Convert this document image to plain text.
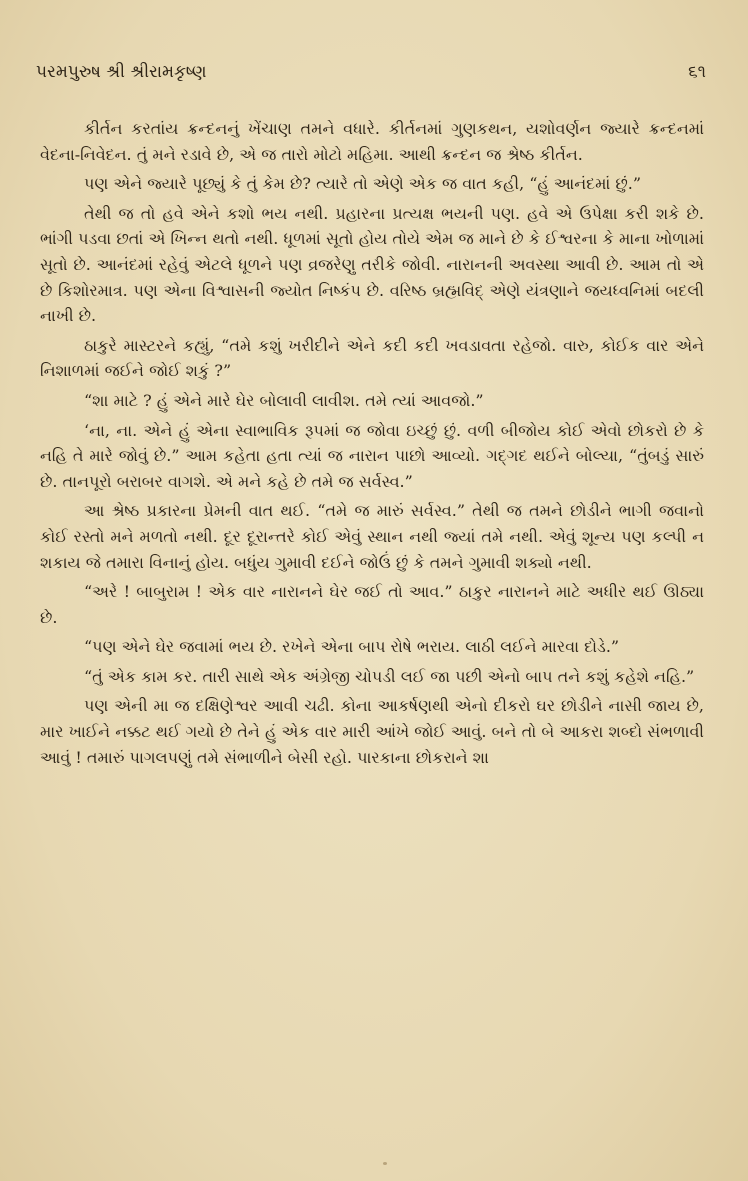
પરમપુરુષ શ્રી શ્રીરામકૃષ્ણ	૬૧

કીર્તન કરતાંય ક્રન્દનનું ખેંચાણ તમને વધારે. કીર્તનમાં ગુણકથન, યશોવર્ણન જ્યારે ક્રન્દનમાં વેદના-નિવેદન. તું મને રડાવે છે, એ જ તારો મોટો મહિમા. આથી ક્રન્દન જ શ્રેષ્ઠ કીર્તન.

પણ એને જ્યારે પૂછ્યું કે તું કેમ છે? ત્યારે તો એણે એક જ વાત કહી, “હું આનંદમાં છું.”

તેથી જ તો હવે એને કશો ભય નથી. પ્રહારના પ્રત્યક્ષ ભયની પણ. હવે એ ઉપેક્ષા કરી શકે છે. ભાંગી પડવા છતાં એ ખિન્ન થતો નથી. ધૂળમાં સૂતો હોય તોયે એમ જ માને છે કે ઈશ્વરના કે માના ખોળામાં સૂતો છે. આનંદમાં રહેવું એટલે ધૂળને પણ વ્રજરેણુ તરીકે જોવી. નારાનની અવસ્થા આવી છે. આમ તો એ છે કિશોરમાત્ર. પણ એના વિશ્વાસની જ્યોત નિષ્કંપ છે. વરિષ્ઠ બ્રહ્મવિદ્ એણે યંત્રણાને જયધ્વનિમાં બદલી નાખી છે.

ઠાકુરે માસ્ટરને કહ્યું, “તમે કશું ખરીદીને એને કદી કદી ખવડાવતા રહેજો. વારુ, કોઈક વાર એને નિશાળમાં જઈને જોઈ શકું ?”

“શા માટે ? હું એને મારે ઘેર બોલાવી લાવીશ. તમે ત્યાં આવજો.”

‘ના, ના. એને હું એના સ્વાભાવિક રૂપમાં જ જોવા ઇચ્છું છું. વળી બીજોય કોઈ એવો છોકરો છે કે નહિ તે મારે જોવું છે.” આમ કહેતા હતા ત્યાં જ નારાન પાછો આવ્યો. ગદ્‌ગદ થઈને બોલ્યા, “તુંબડું સારું છે. તાનપૂરો બરાબર વાગશે. એ મને કહે છે તમે જ સર્વસ્વ.”

આ શ્રેષ્ઠ પ્રકારના પ્રેમની વાત થઈ. “તમે જ મારું સર્વસ્વ.” તેથી જ તમને છોડીને ભાગી જવાનો કોઈ રસ્તો મને મળતો નથી. દૂર દૂરાન્તરે કોઈ એવું સ્થાન નથી જ્યાં તમે નથી. એવું શૂન્ય પણ કલ્પી ન શકાય જે તમારા વિનાનું હોય. બધુંય ગુમાવી દઈને જોઉં છું કે તમને ગુમાવી શક્યો નથી.

“અરે ! બાબુરામ ! એક વાર નારાનને ઘેર જઈ તો આવ.” ઠાકુર નારાનને માટે અધીર થઈ ઊઠ્યા છે.

“પણ એને ઘેર જવામાં ભય છે. રખેને એના બાપ રોષે ભરાય. લાઠી લઈને મારવા દોડે.”

“તું એક કામ કર. તારી સાથે એક અંગ્રેજી ચોપડી લઈ જા પછી એનો બાપ તને કશું કહેશે નહિ.”

પણ એની મા જ દક્ષિણેશ્વર આવી ચઢી. કોના આકર્ષણથી એનો દીકરો ઘર છોડીને નાસી જાય છે, માર ખાઈને નક્કટ થઈ ગયો છે તેને હું એક વાર મારી આંખે જોઈ આવું. બને તો બે આકરા શબ્દો સંભળાવી આવું ! તમારું પાગલપણું તમે સંભાળીને બેસી રહો. પારકાના છોકરાને શા
